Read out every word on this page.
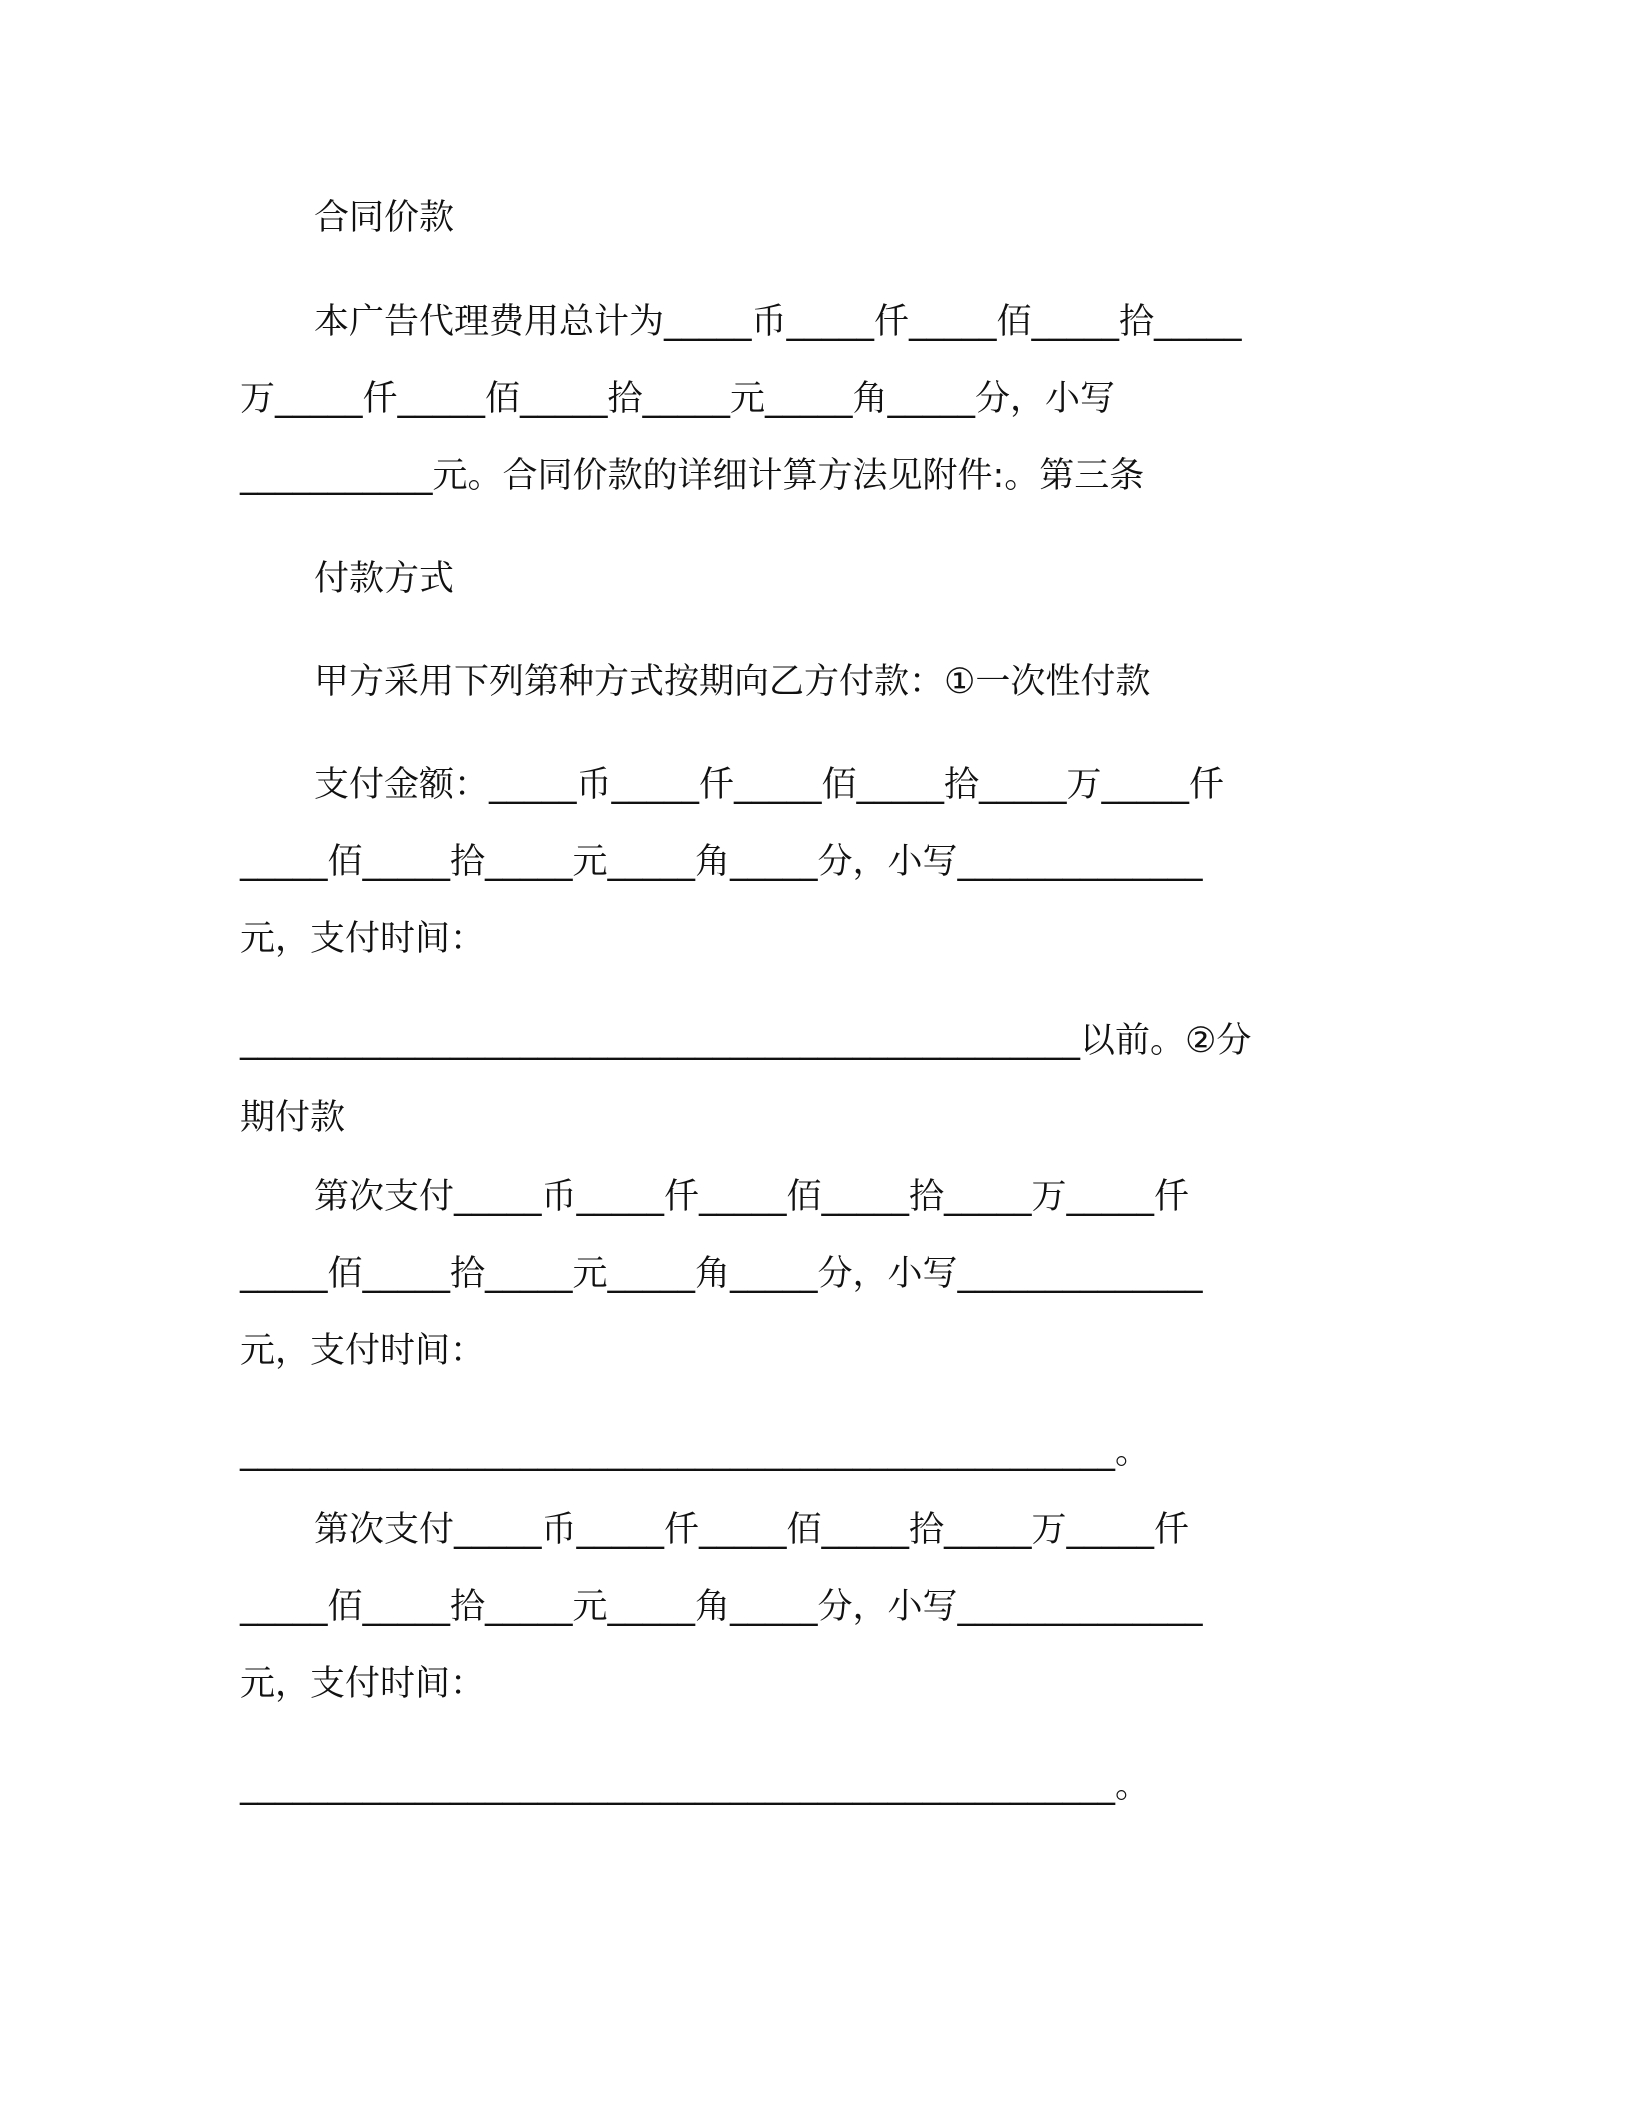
合同价款
本广告代理费用总计为_____币_____仟_____佰_____拾_____
万_____仟_____佰_____拾_____元_____角_____分，小写
___________元。合同价款的详细计算方法见附件:。第三条
付款方式
甲方采用下列第种方式按期向乙方付款：①一次性付款
支付金额：_____币_____仟_____佰_____拾_____万_____仟
_____佰_____拾_____元_____角_____分，小写______________
元，支付时间：
________________________________________________以前。②分
期付款
第次支付_____币_____仟_____佰_____拾_____万_____仟
_____佰_____拾_____元_____角_____分，小写______________
元，支付时间：
__________________________________________________。
第次支付_____币_____仟_____佰_____拾_____万_____仟
_____佰_____拾_____元_____角_____分，小写______________
元，支付时间：
__________________________________________________。
